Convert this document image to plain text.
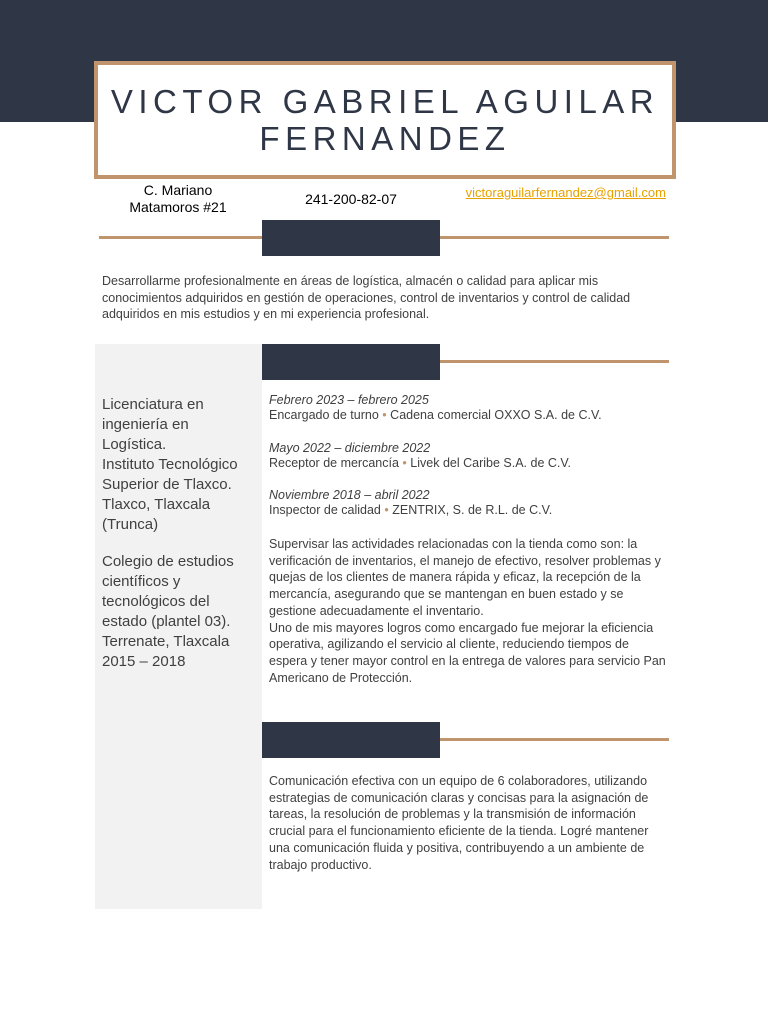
VICTOR GABRIEL AGUILAR FERNANDEZ
C. Mariano
Matamoros #21	241-200-82-07	victoraguilarfernandez@gmail.com

Desarrollarme profesionalmente en áreas de logística, almacén o calidad para aplicar mis conocimientos adquiridos en gestión de operaciones, control de inventarios y control de calidad adquiridos en mis estudios y en mi experiencia profesional.

Licenciatura en ingeniería en Logística.
Instituto Tecnológico Superior de Tlaxco.
Tlaxco, Tlaxcala (Trunca)

Colegio de estudios científicos y tecnológicos del estado (plantel 03).
Terrenate, Tlaxcala
2015 – 2018

Febrero 2023 – febrero 2025
Encargado de turno • Cadena comercial OXXO S.A. de C.V.
Mayo 2022 – diciembre 2022
Receptor de mercancía • Livek del Caribe S.A. de C.V.
Noviembre 2018 – abril 2022
Inspector de calidad • ZENTRIX, S. de R.L. de C.V.
Supervisar las actividades relacionadas con la tienda como son: la verificación de inventarios, el manejo de efectivo, resolver problemas y quejas de los clientes de manera rápida y eficaz, la recepción de la mercancía, asegurando que se mantengan en buen estado y se gestione adecuadamente el inventario.
Uno de mis mayores logros como encargado fue mejorar la eficiencia operativa, agilizando el servicio al cliente, reduciendo tiempos de espera y tener mayor control en la entrega de valores para servicio Pan Americano de Protección.

Comunicación efectiva con un equipo de 6 colaboradores, utilizando estrategias de comunicación claras y concisas para la asignación de tareas, la resolución de problemas y la transmisión de información crucial para el funcionamiento eficiente de la tienda. Logré mantener una comunicación fluida y positiva, contribuyendo a un ambiente de trabajo productivo.
